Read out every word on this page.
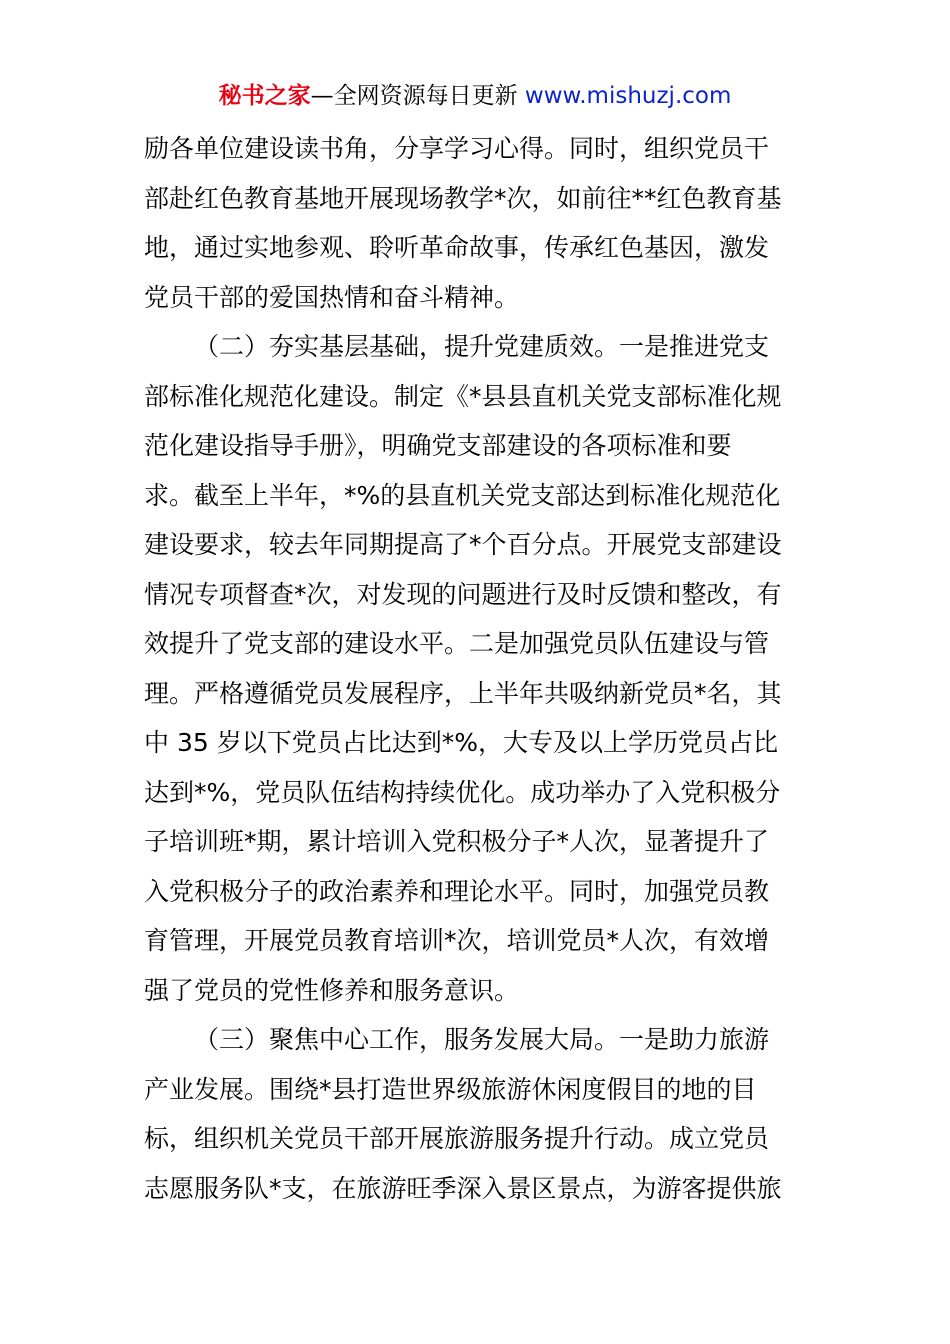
秘书之家—全网资源每日更新 www.mishuzj.com
励各单位建设读书角，分享学习心得。同时，组织党员干
部赴红色教育基地开展现场教学*次，如前往**红色教育基
地，通过实地参观、聆听革命故事，传承红色基因，激发
党员干部的爱国热情和奋斗精神。
（二）夯实基层基础，提升党建质效。一是推进党支
部标准化规范化建设。制定《*县县直机关党支部标准化规
范化建设指导手册》，明确党支部建设的各项标准和要
求。截至上半年，*%的县直机关党支部达到标准化规范化
建设要求，较去年同期提高了*个百分点。开展党支部建设
情况专项督查*次，对发现的问题进行及时反馈和整改，有
效提升了党支部的建设水平。二是加强党员队伍建设与管
理。严格遵循党员发展程序，上半年共吸纳新党员*名，其
中 35 岁以下党员占比达到*%，大专及以上学历党员占比
达到*%，党员队伍结构持续优化。成功举办了入党积极分
子培训班*期，累计培训入党积极分子*人次，显著提升了
入党积极分子的政治素养和理论水平。同时，加强党员教
育管理，开展党员教育培训*次，培训党员*人次，有效增
强了党员的党性修养和服务意识。
（三）聚焦中心工作，服务发展大局。一是助力旅游
产业发展。围绕*县打造世界级旅游休闲度假目的地的目
标，组织机关党员干部开展旅游服务提升行动。成立党员
志愿服务队*支，在旅游旺季深入景区景点，为游客提供旅
